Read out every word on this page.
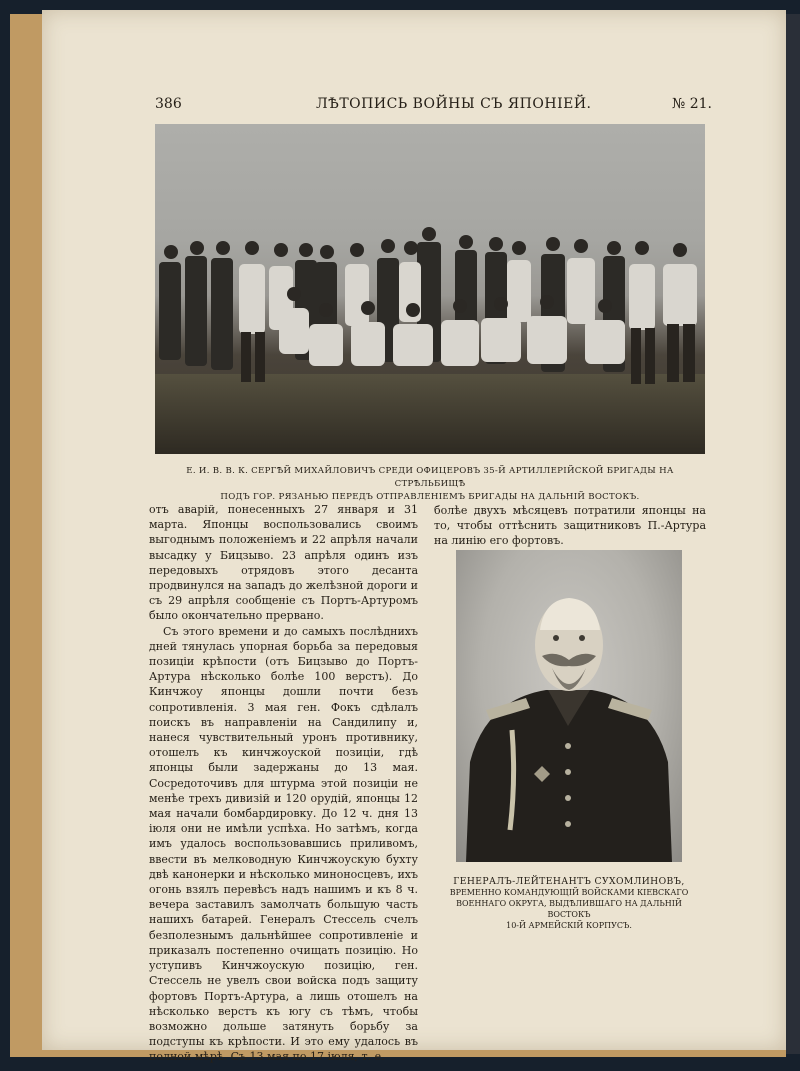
386	ЛѢТОПИСЬ ВОЙНЫ СЪ ЯПОНІЕЙ.	№ 21.
Е. И. В. В. К. СЕРГѢЙ МИХАЙЛОВИЧЪ СРЕДИ ОФИЦЕРОВЪ 35-Й АРТИЛЛЕРІЙСКОЙ БРИГАДЫ НА СТРѢЛЬБИЩѢ
ПОДЪ ГОР. РЯЗАНЬЮ ПЕРЕДЪ ОТПРАВЛЕНІЕМЪ БРИГАДЫ НА ДАЛЬНІЙ ВОСТОКЪ.

отъ аварій, понесенныхъ 27 января и 31 марта. Японцы воспользовались своимъ выгоднымъ положеніемъ и 22 апрѣля начали высадку у Бицзыво. 23 апрѣля одинъ изъ передовыхъ отрядовъ этого десанта продвинулся на западъ до желѣзной дороги и съ 29 апрѣля сообщеніе съ Портъ-Артуромъ было окончательно прервано.

Съ этого времени и до самыхъ послѣднихъ дней тянулась упорная борьба за передовыя позиціи крѣпости (отъ Бицзыво до Портъ-Артура нѣсколько болѣе 100 верстъ). До Кинчжоу японцы дошли почти безъ сопротивленія. 3 мая ген. Фокъ сдѣлалъ поискъ въ направленіи на Сандилипу и, нанеся чувствительный уронъ противнику, отошелъ къ кинчжоуской позиціи, гдѣ японцы были задержаны до 13 мая. Сосредоточивъ для штурма этой позиціи не менѣе трехъ дивизій и 120 орудій, японцы 12 мая начали бомбардировку. До 12 ч. дня 13 іюля они не имѣли успѣха. Но затѣмъ, когда имъ удалось воспользовавшись приливомъ, ввести въ мелководную Кинчжоускую бухту двѣ канонерки и нѣсколько миноносцевъ, ихъ огонь взялъ перевѣсъ надъ нашимъ и къ 8 ч. вечера заставилъ замолчать большую часть нашихъ батарей. Генералъ Стессель счелъ безполезнымъ дальнѣйшее сопротивленіе и приказалъ постепенно очищать позицію. Но уступивъ Кинчжоускую позицію, ген. Стессель не увелъ свои войска подъ защиту фортовъ Портъ-Артура, а лишь отошелъ на нѣсколько верстъ къ югу съ тѣмъ, чтобы возможно дольше затянуть борьбу за подступы къ крѣпости. И это ему удалось въ полной мѣрѣ. Съ 13 мая по 17 іюля, т. е.

болѣе двухъ мѣсяцевъ потратили японцы на то, чтобы оттѣснить защитниковъ П.-Артура на линію его фортовъ.

ГЕНЕРАЛЪ-ЛЕЙТЕНАНТЪ СУХОМЛИНОВЪ,
ВРЕМЕННО КОМАНДУЮЩІЙ ВОЙСКАМИ КІЕВСКАГО
ВОЕННАГО ОКРУГА, ВЫДѢЛИВШАГО НА ДАЛЬНІЙ ВОСТОКЪ
10-Й АРМЕЙСКІЙ КОРПУСЪ.
